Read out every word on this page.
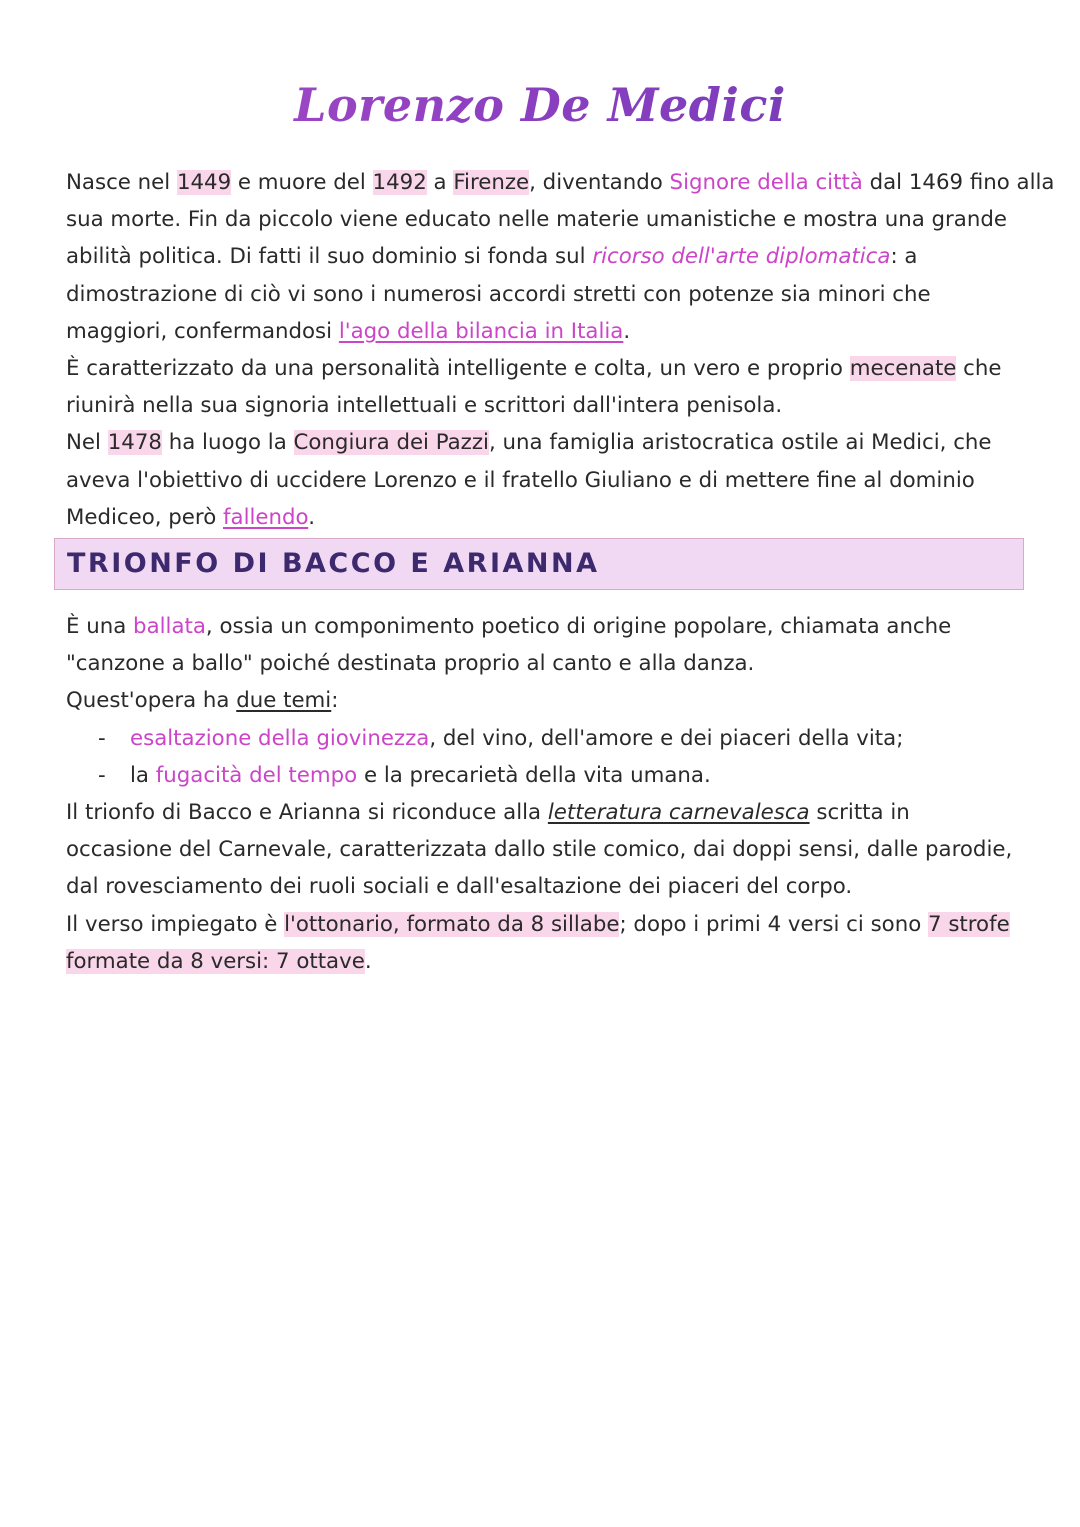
Lorenzo De Medici

Nasce nel 1449 e muore del 1492 a Firenze, diventando Signore della città dal 1469 fino alla

sua morte. Fin da piccolo viene educato nelle materie umanistiche e mostra una grande

abilità politica. Di fatti il suo dominio si fonda sul ricorso dell'arte diplomatica: a

dimostrazione di ciò vi sono i numerosi accordi stretti con potenze sia minori che

maggiori, confermandosi l'ago della bilancia in Italia.

È caratterizzato da una personalità intelligente e colta, un vero e proprio mecenate che

riunirà nella sua signoria intellettuali e scrittori dall'intera penisola.

Nel 1478 ha luogo la Congiura dei Pazzi, una famiglia aristocratica ostile ai Medici, che

aveva l'obiettivo di uccidere Lorenzo e il fratello Giuliano e di mettere fine al dominio

Mediceo, però fallendo.

TRIONFO DI BACCO E ARIANNA

È una ballata, ossia un componimento poetico di origine popolare, chiamata anche

"canzone a ballo" poiché destinata proprio al canto e alla danza.

Quest'opera ha due temi:

- esaltazione della giovinezza, del vino, dell'amore e dei piaceri della vita;

- la fugacità del tempo e la precarietà della vita umana.

Il trionfo di Bacco e Arianna si riconduce alla letteratura carnevalesca scritta in

occasione del Carnevale, caratterizzata dallo stile comico, dai doppi sensi, dalle parodie,

dal rovesciamento dei ruoli sociali e dall'esaltazione dei piaceri del corpo.

Il verso impiegato è l'ottonario, formato da 8 sillabe; dopo i primi 4 versi ci sono 7 strofe

formate da 8 versi: 7 ottave.
